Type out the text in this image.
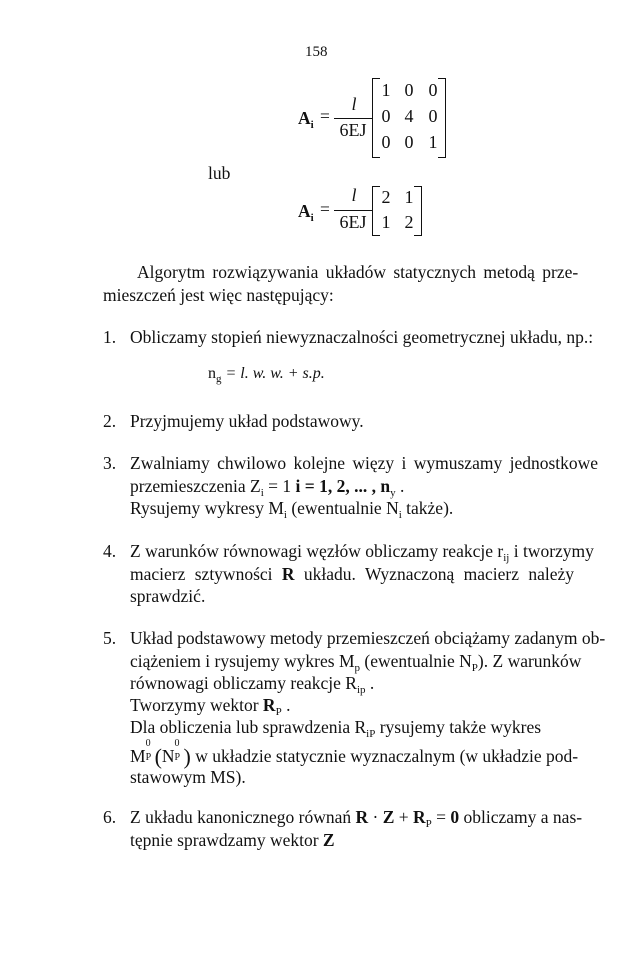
158
$A_i$ =
l
6EJ
1 0 0
0 4 0
0 0 1
lub
$A_i$ =
l
6EJ
2 1
1 2
Algorytm rozwiązywania układów statycznych metodą prze-
mieszczeń jest więc następujący:
1. Obliczamy stopień niewyznaczalności geometrycznej układu, np.:
$n_g = l$. w. w. + s.p.
2. Przyjmujemy układ podstawowy.
3. Zwalniamy chwilowo kolejne więzy i wymuszamy jednostkowe
przemieszczenia $Z_i = 1$ i = 1, 2, ... , $n_y$ .
Rysujemy wykresy $M_i$ (ewentualnie $N_i$ także).
4. Z warunków równowagi węzłów obliczamy reakcje $r_{ij}$ i tworzymy
macierz sztywności R układu. Wyznaczoną macierz należy
sprawdzić.
5. Układ podstawowy metody przemieszczeń obciążamy zadanym ob-
ciążeniem i rysujemy wykres $M_p$ (ewentualnie $N_P$). Z warunków
równowagi obliczamy reakcje $R_{ip}$ .
Tworzymy wektor $R_P$ .
Dla obliczenia lub sprawdzenia $R_{iP}$ rysujemy także wykres
M
0
P (N
0
P ) w układzie statycznie wyznaczalnym (w układzie pod-
stawowym MS).
6. Z układu kanonicznego równań $R \cdot Z + R_P = 0$ obliczamy a nas-
tępnie sprawdzamy wektor Z
